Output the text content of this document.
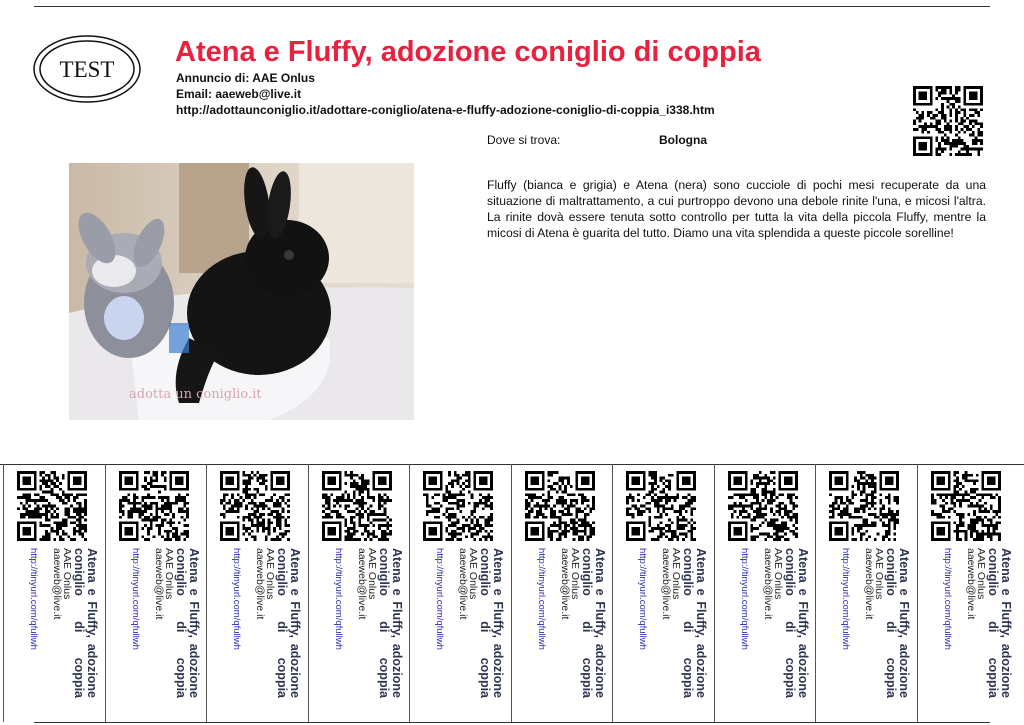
TEST
Atena e Fluffy, adozione coniglio di coppia
Annuncio di: AAE Onlus
Email: aaeweb@live.it
http://adottaunconiglio.it/adottare-coniglio/atena-e-fluffy-adozione-coniglio-di-coppia_i338.htm
Dove si trova:	Bologna
Fluffy (bianca e grigia) e Atena (nera) sono cucciole di pochi mesi recuperate da una situazione di maltrattamento, a cui purtroppo devono una debole rinite l'una, e micosi l'altra. La rinite dovà essere tenuta sotto controllo per tutta la vita della piccola Fluffy, mentre la micosi di Atena è guarita del tutto. Diamo una vita splendida a queste piccole sorelline!
adotta un coniglio.it
Atena e Fluffy, adozione coniglio di coppia
AAE Onlus
aaeweb@live.it
http://tinyurl.com/qfullwh	Atena e Fluffy, adozione coniglio di coppia
AAE Onlus
aaeweb@live.it
http://tinyurl.com/qfullwh	Atena e Fluffy, adozione coniglio di coppia
AAE Onlus
aaeweb@live.it
http://tinyurl.com/qfullwh	Atena e Fluffy, adozione coniglio di coppia
AAE Onlus
aaeweb@live.it
http://tinyurl.com/qfullwh	Atena e Fluffy, adozione coniglio di coppia
AAE Onlus
aaeweb@live.it
http://tinyurl.com/qfullwh	Atena e Fluffy, adozione coniglio di coppia
AAE Onlus
aaeweb@live.it
http://tinyurl.com/qfullwh	Atena e Fluffy, adozione coniglio di coppia
AAE Onlus
aaeweb@live.it
http://tinyurl.com/qfullwh	Atena e Fluffy, adozione coniglio di coppia
AAE Onlus
aaeweb@live.it
http://tinyurl.com/qfullwh	Atena e Fluffy, adozione coniglio di coppia
AAE Onlus
aaeweb@live.it
http://tinyurl.com/qfullwh	Atena e Fluffy, adozione coniglio di coppia
AAE Onlus
aaeweb@live.it
http://tinyurl.com/qfullwh
